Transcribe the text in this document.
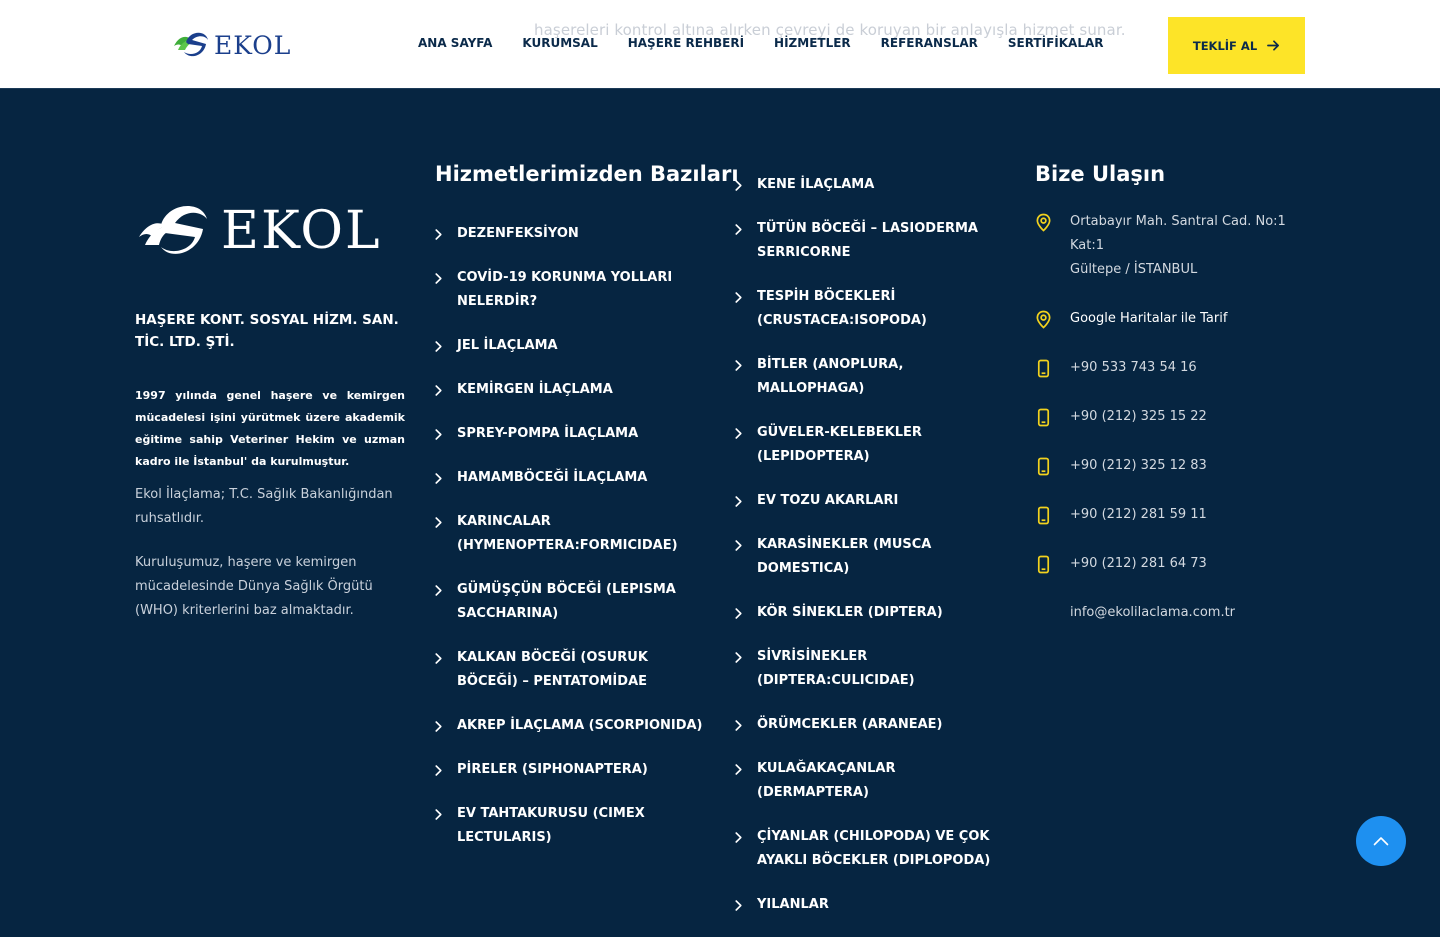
haşereleri kontrol altına alırken çevreyi de koruyan bir anlayışla hizmet sunar.
EKOL	ANA SAYFA	KURUMSAL	HAŞERE REHBERİ	HİZMETLER	REFERANSLAR	SERTİFİKALAR	TEKLİF AL
EKOL
HAŞERE KONT. SOSYAL HİZM. SAN. TİC. LTD. ŞTİ.

1997 yılında genel haşere ve kemirgen mücadelesi işini yürütmek üzere akademik eğitime sahip Veteriner Hekim ve uzman kadro ile İstanbul' da kurulmuştur.

Ekol İlaçlama; T.C. Sağlık Bakanlığından ruhsatlıdır.

Kuruluşumuz, haşere ve kemirgen mücadelesinde Dünya Sağlık Örgütü (WHO) kriterlerini baz almaktadır.

Hizmetlerimizden Bazıları
DEZENFEKSİYON
COVİD-19 KORUNMA YOLLARI NELERDİR?
JEL İLAÇLAMA
KEMİRGEN İLAÇLAMA
SPREY-POMPA İLAÇLAMA
HAMAMBÖCEĞİ İLAÇLAMA
KARINCALAR (HYMENOPTERA:FORMICIDAE)
GÜMÜŞÇÜN BÖCEĞİ (LEPISMA SACCHARINA)
KALKAN BÖCEĞİ (OSURUK BÖCEĞİ) – PENTATOMİDAE
AKREP İLAÇLAMA (SCORPIONIDA)
PİRELER (SIPHONAPTERA)
EV TAHTAKURUSU (CIMEX LECTULARIS)
KENE İLAÇLAMA
TÜTÜN BÖCEĞİ – LASIODERMA SERRICORNE
TESPİH BÖCEKLERİ (CRUSTACEA:ISOPODA)
BİTLER (ANOPLURA, MALLOPHAGA)
GÜVELER-KELEBEKLER (LEPIDOPTERA)
EV TOZU AKARLARI
KARASİNEKLER (MUSCA DOMESTICA)
KÖR SİNEKLER (DIPTERA)
SİVRİSİNEKLER (DIPTERA:CULICIDAE)
ÖRÜMCEKLER (ARANEAE)
KULAĞAKAÇANLAR (DERMAPTERA)
ÇİYANLAR (CHILOPODA) VE ÇOK AYAKLI BÖCEKLER (DIPLOPODA)
YILANLAR
Bize Ulaşın
Ortabayır Mah. Santral Cad. No:1 Kat:1
Gültepe / İSTANBUL
Google Haritalar ile Tarif
+90 533 743 54 16
+90 (212) 325 15 22
+90 (212) 325 12 83
+90 (212) 281 59 11
+90 (212) 281 64 73
info@ekolilaclama.com.tr
